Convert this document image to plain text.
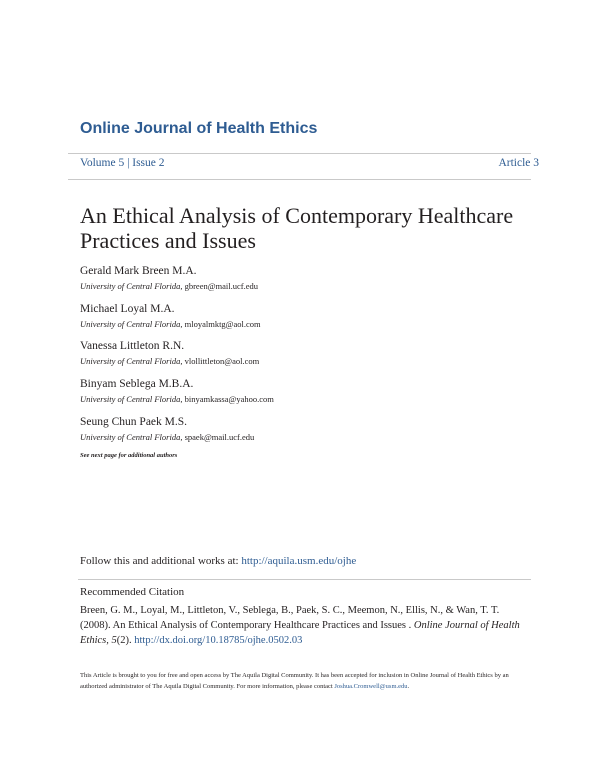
Online Journal of Health Ethics
Volume 5 | Issue 2	Article 3
An Ethical Analysis of Contemporary Healthcare Practices and Issues
Gerald Mark Breen M.A.
University of Central Florida, gbreen@mail.ucf.edu
Michael Loyal M.A.
University of Central Florida, mloyalmktg@aol.com
Vanessa Littleton R.N.
University of Central Florida, vlollittleton@aol.com
Binyam Seblega M.B.A.
University of Central Florida, binyamkassa@yahoo.com
Seung Chun Paek M.S.
University of Central Florida, spaek@mail.ucf.edu
See next page for additional authors
Follow this and additional works at: http://aquila.usm.edu/ojhe
Recommended Citation
Breen, G. M., Loyal, M., Littleton, V., Seblega, B., Paek, S. C., Meemon, N., Ellis, N., & Wan, T. T. (2008). An Ethical Analysis of Contemporary Healthcare Practices and Issues . Online Journal of Health Ethics, 5(2). http://dx.doi.org/10.18785/ojhe.0502.03
This Article is brought to you for free and open access by The Aquila Digital Community. It has been accepted for inclusion in Online Journal of Health Ethics by an authorized administrator of The Aquila Digital Community. For more information, please contact Joshua.Cromwell@usm.edu.
